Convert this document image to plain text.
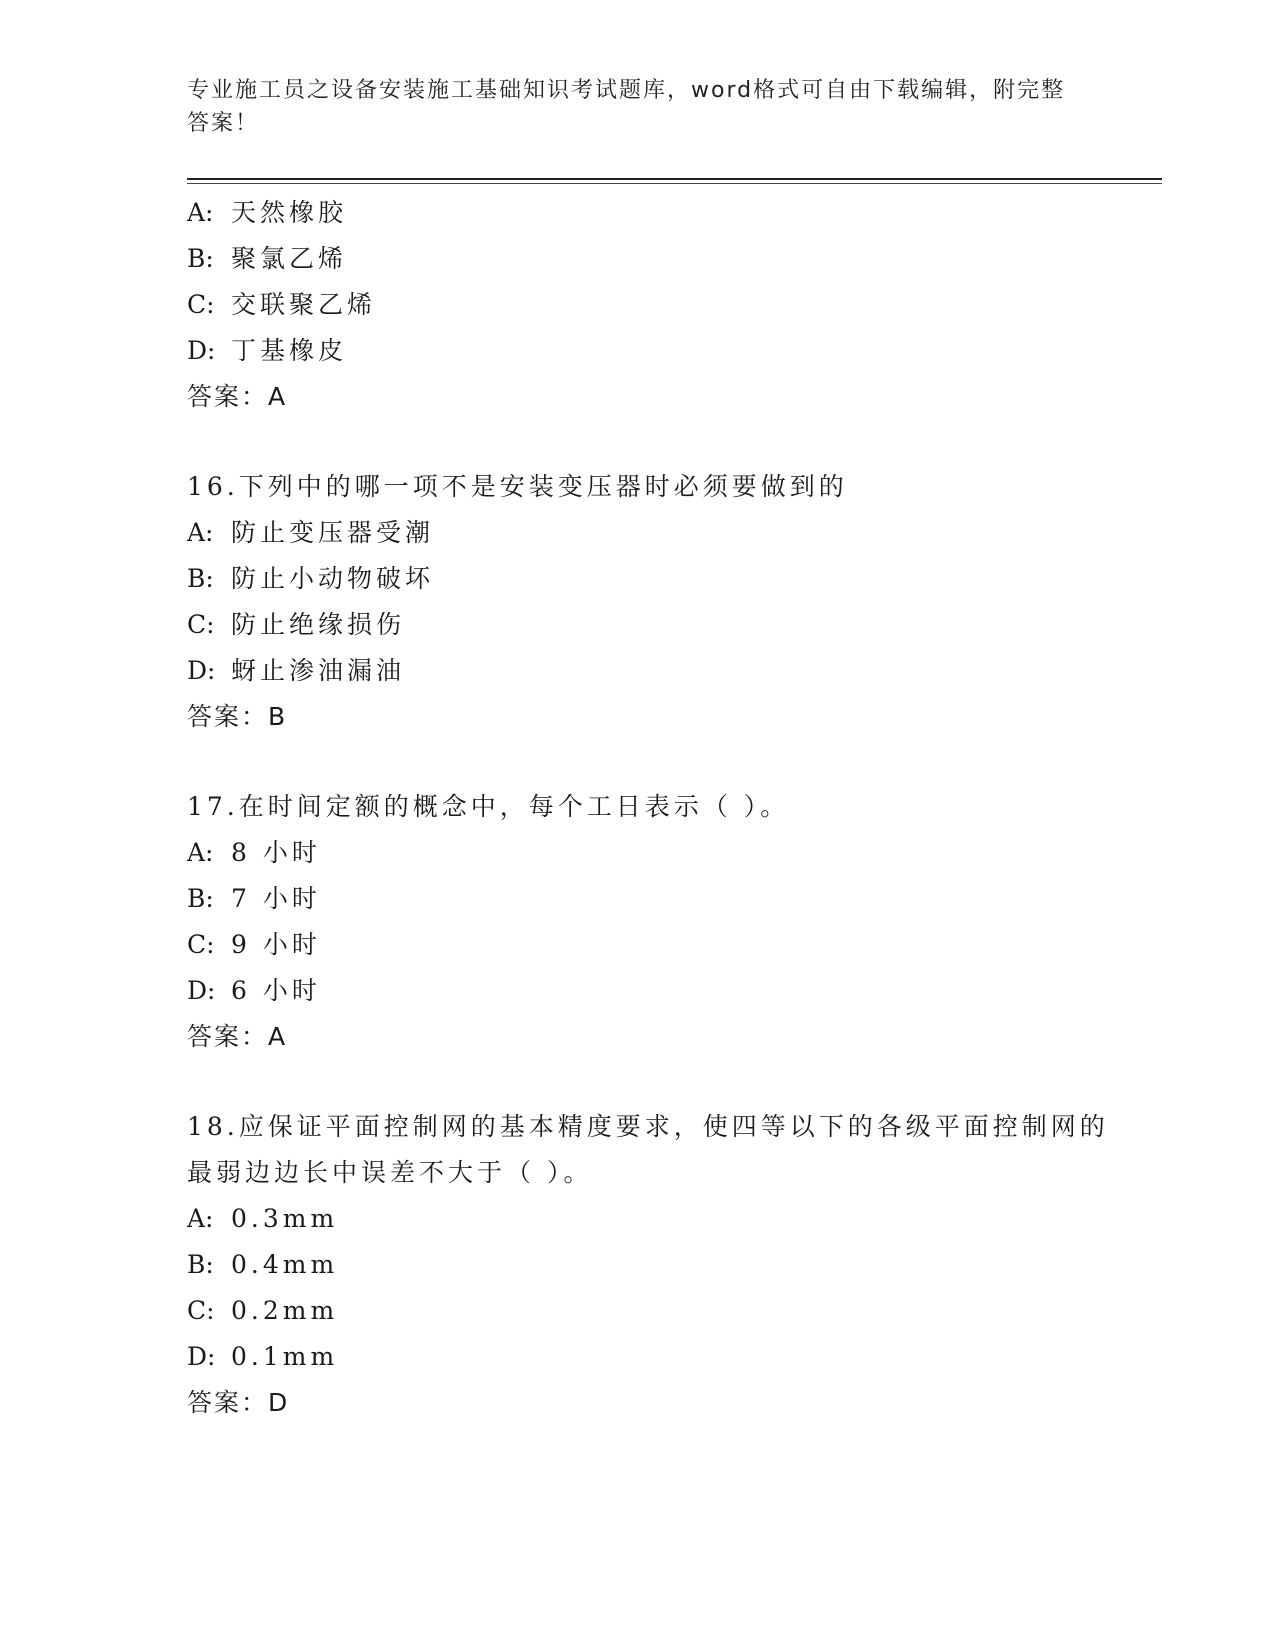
专业施工员之设备安装施工基础知识考试题库，word格式可自由下载编辑，附完整答案！
A: 天然橡胶
B: 聚氯乙烯
C: 交联聚乙烯
D: 丁基橡皮
答案：A
16.下列中的哪一项不是安装变压器时必须要做到的
A: 防止变压器受潮
B: 防止小动物破坏
C: 防止绝缘损伤
D: 蚜止渗油漏油
答案：B
17.在时间定额的概念中，每个工日表示（ ）。
A: 8 小时
B: 7 小时
C: 9 小时
D: 6 小时
答案：A
18.应保证平面控制网的基本精度要求，使四等以下的各级平面控制网的最弱边边长中误差不大于（ ）。
A: 0.3mm
B: 0.4mm
C: 0.2mm
D: 0.1mm
答案：D
